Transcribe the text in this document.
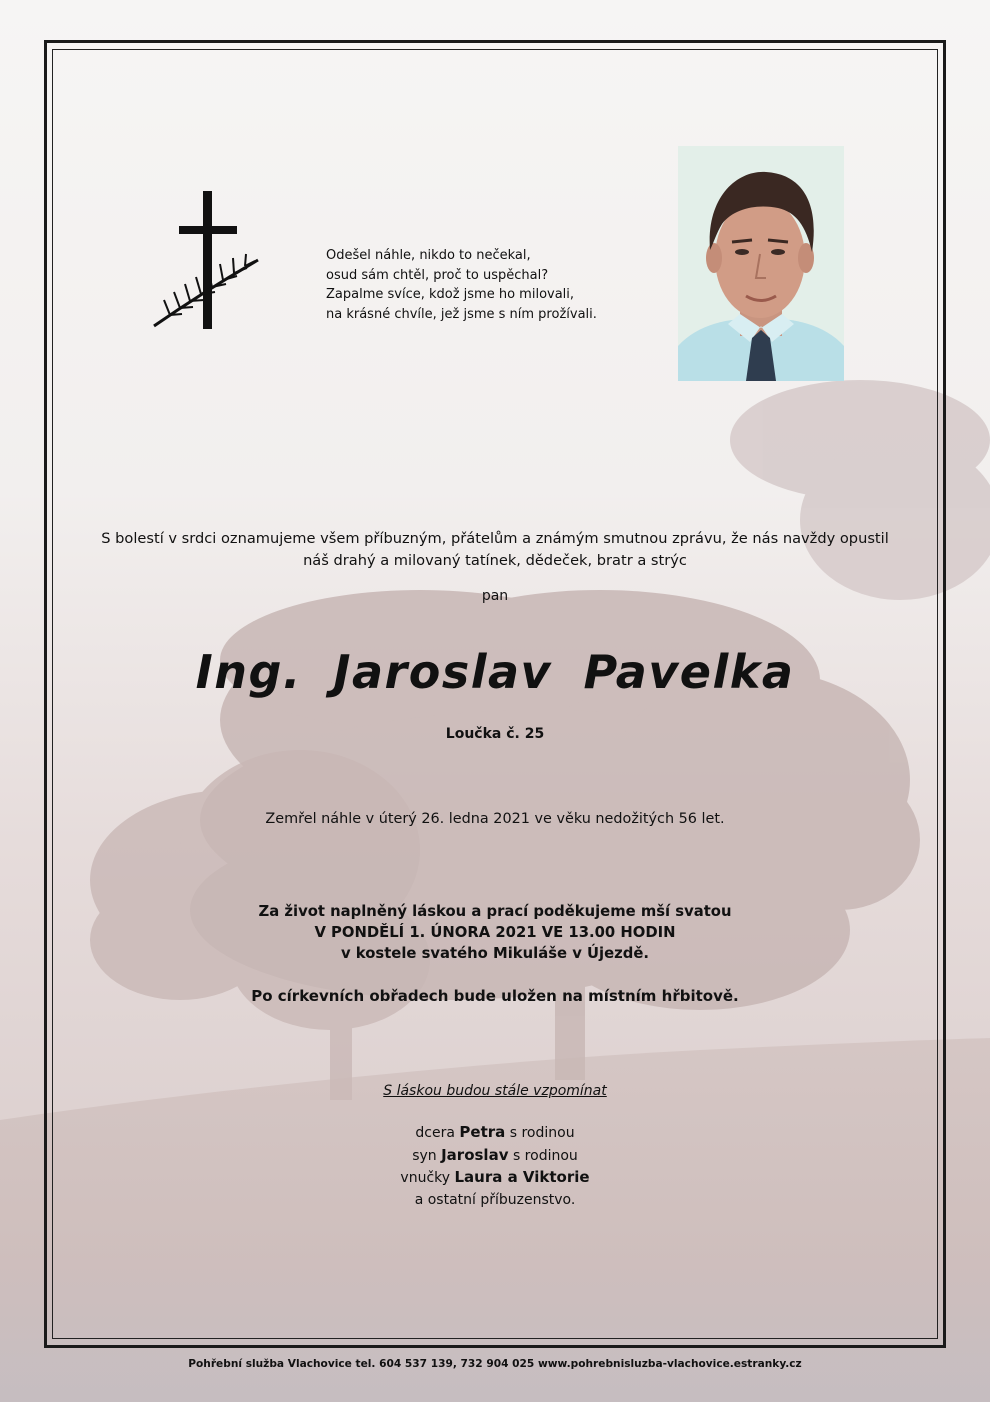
Odešel náhle, nikdo to nečekal,
osud sám chtěl, proč to uspěchal?
Zapalme svíce, kdož jsme ho milovali,
na krásné chvíle, jež jsme s ním prožívali.
S bolestí v srdci oznamujeme všem příbuzným, přátelům a známým smutnou zprávu, že nás navždy opustil
náš drahý a milovaný tatínek, dědeček, bratr a strýc
pan
Ing. Jaroslav Pavelka
Loučka č. 25
Zemřel náhle v úterý 26. ledna 2021 ve věku nedožitých 56 let.
Za život naplněný láskou a prací poděkujeme mší svatou
V PONDĚLÍ 1. ÚNORA 2021 VE 13.00 HODIN
v kostele svatého Mikuláše v Újezdě.
Po církevních obřadech bude uložen na místním hřbitově.
S láskou budou stále vzpomínat
dcera Petra s rodinou
syn Jaroslav s rodinou
vnučky Laura a Viktorie
a ostatní příbuzenstvo.
Pohřební služba Vlachovice tel. 604 537 139, 732 904 025 www.pohrebnisluzba-vlachovice.estranky.cz
